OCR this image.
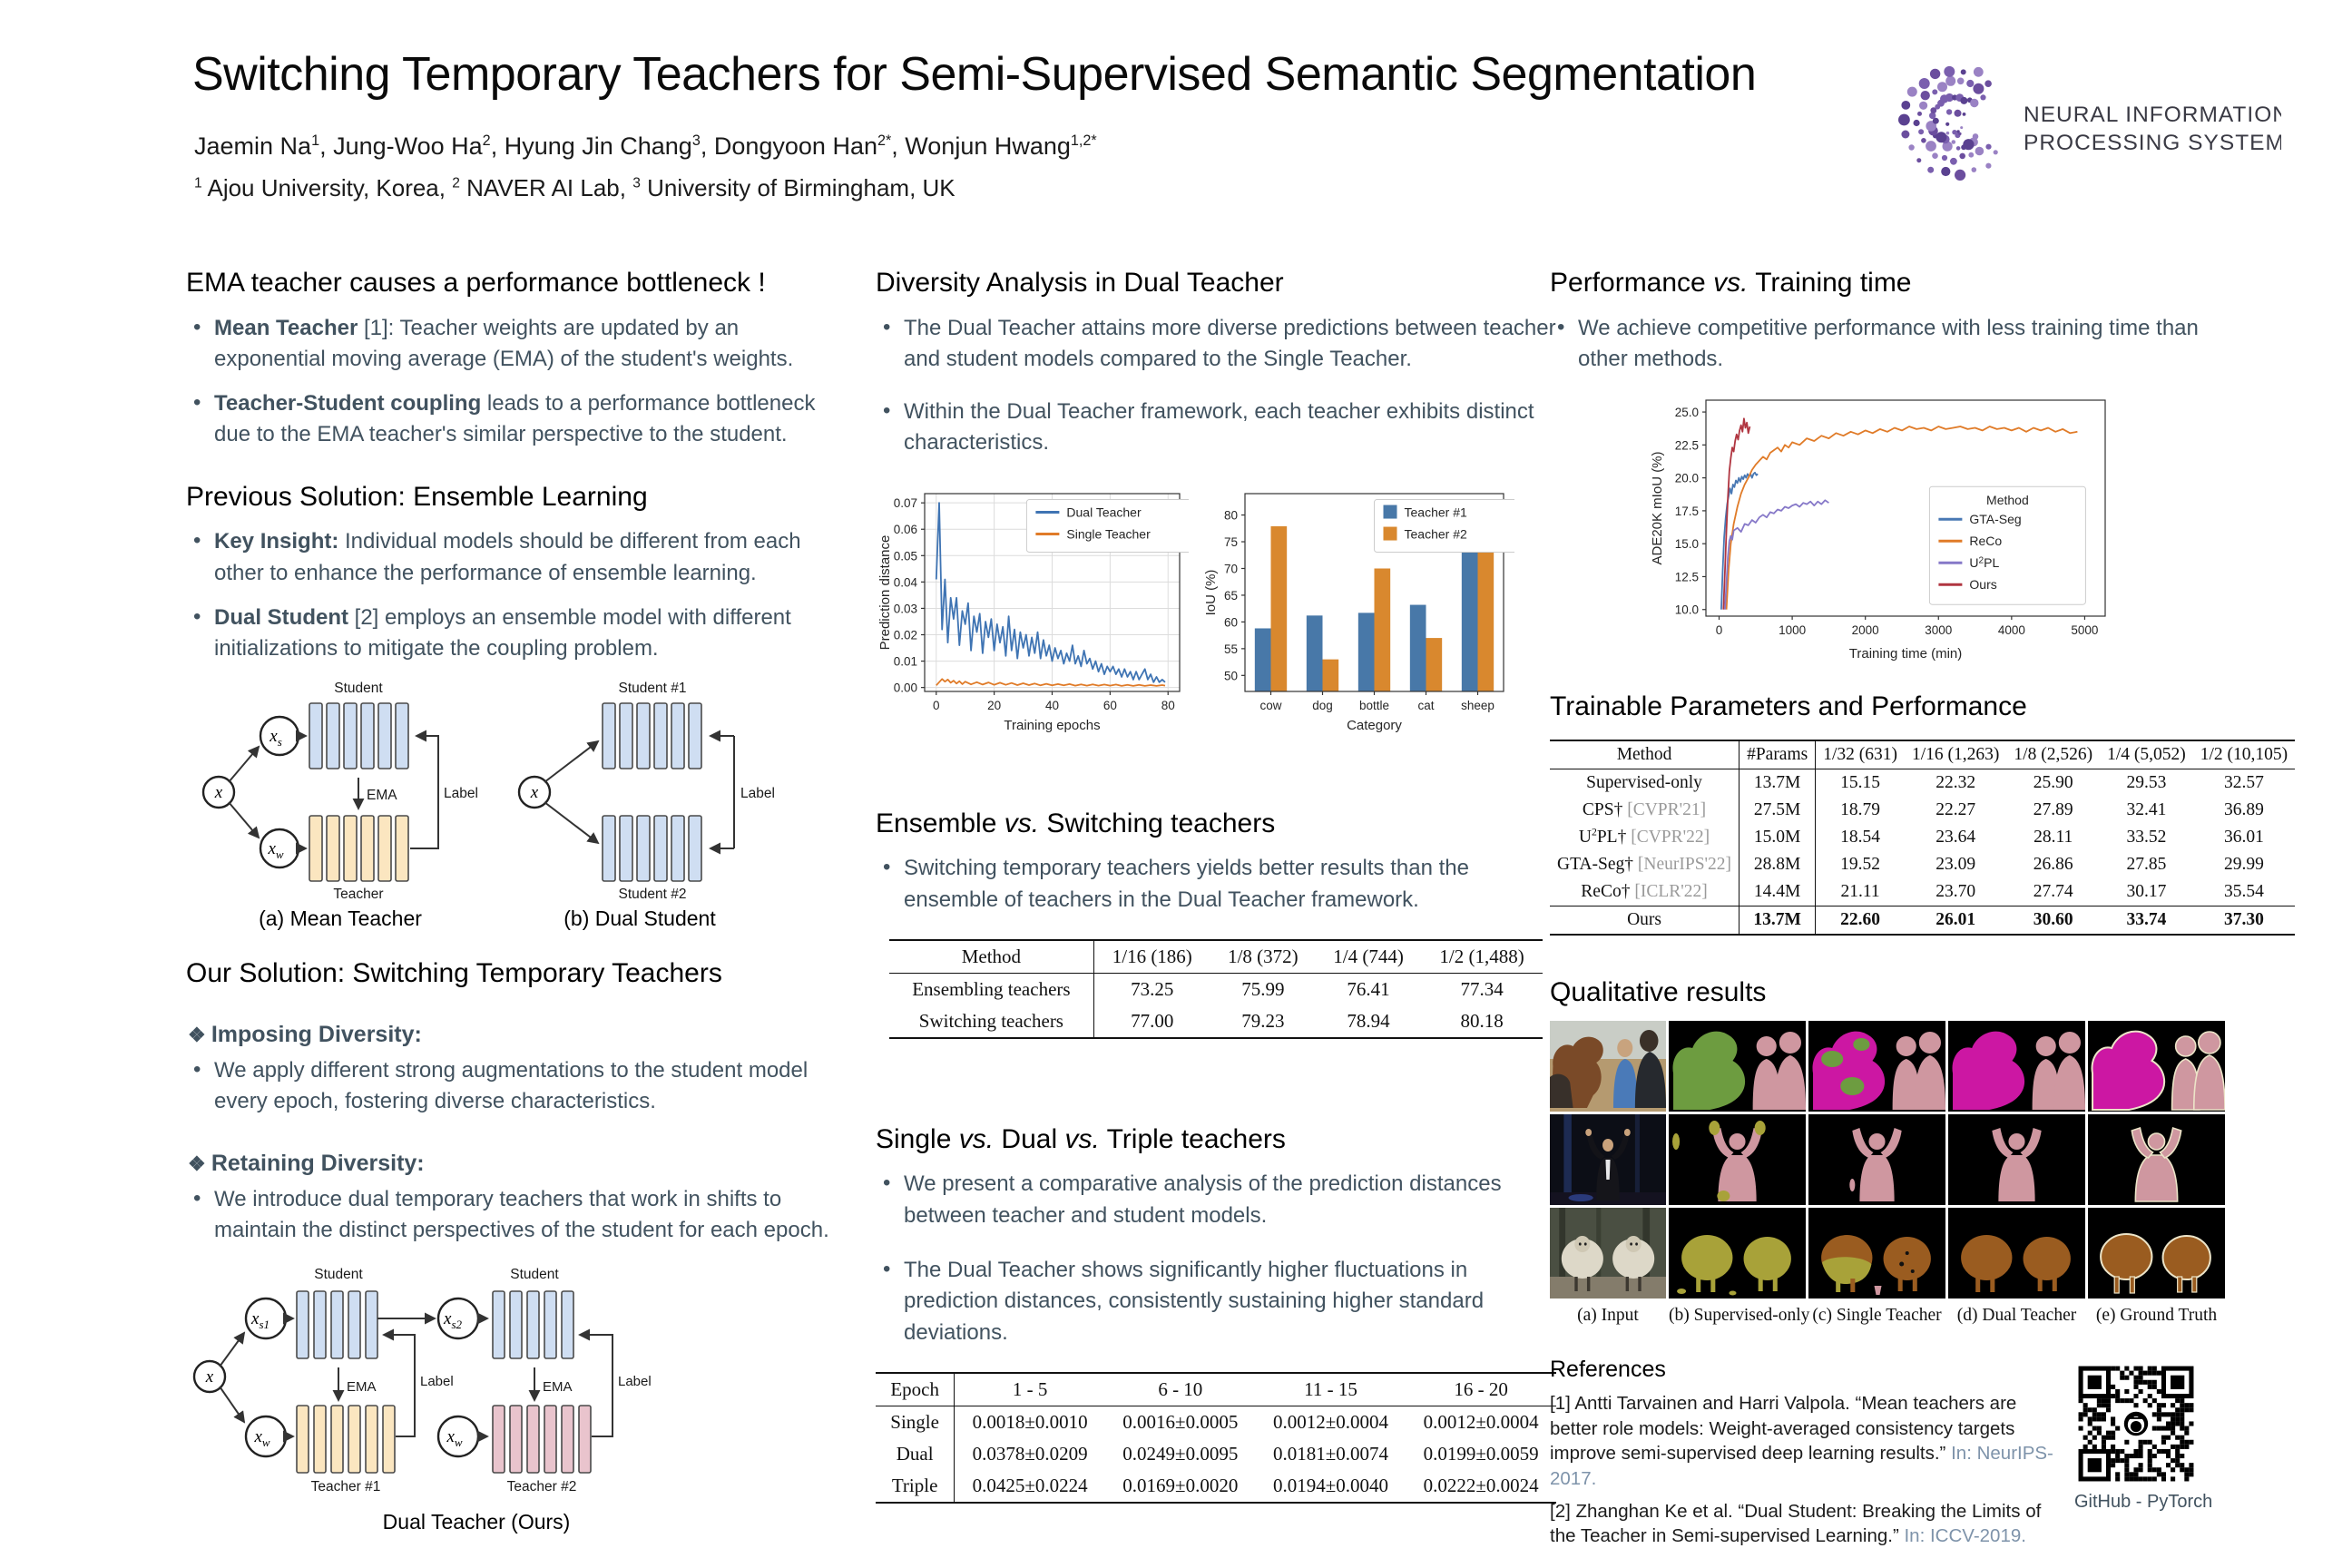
Switching Temporary Teachers for Semi-Supervised Semantic Segmentation
Jaemin Na$^1$, Jung-Woo Ha$^2$, Hyung Jin Chang$^3$, Dongyoon Han$^{2*}$, Wonjun Hwang$^{1,2*}$
$^1$ Ajou University, Korea, $^2$ NAVER AI Lab, $^3$ University of Birmingham, UK
NEURAL INFORMATION
PROCESSING SYSTEMS
EMA teacher causes a performance bottleneck !
• Mean Teacher [1]: Teacher weights are updated by an exponential moving average (EMA) of the student's weights.
• Teacher-Student coupling leads to a performance bottleneck due to the EMA teacher's similar perspective to the student.
Previous Solution: Ensemble Learning
• Key Insight: Individual models should be different from each other to enhance the performance of ensemble learning.
• Dual Student [2] employs an ensemble model with different initializations to mitigate the coupling problem.
Student
EMA
Teacher
x
$x_s$
$x_w$
Label
Student #1
Student #2
x	Label
(a) Mean Teacher	(b) Dual Student
Our Solution: Switching Temporary Teachers
❖ Imposing Diversity:
• We apply different strong augmentations to the student model every epoch, fostering diverse characteristics.
❖ Retaining Diversity:
• We introduce dual temporary teachers that work in shifts to maintain the distinct perspectives of the student for each epoch.
Student
EMA
Teacher #1
x
$x_{s1}$
$x_w$
Label
$x_{s2}$
$x_w$
Student
EMA
Teacher #2
Label
Dual Teacher (Ours)
Diversity Analysis in Dual Teacher
• The Dual Teacher attains more diverse predictions between teacher and student models compared to the Single Teacher.
• Within the Dual Teacher framework, each teacher exhibits distinct characteristics.
0	20	40	60	80
0.00
0.01
0.02
0.03
0.04
0.05
0.06
0.07
Training epochs
Prediction distance
Dual Teacher
Single Teacher
cow dog bottle cat sheep
50
55
60
65
70
75
80
Category
IoU (%)
Teacher #1
Teacher #2
Ensemble vs. Switching teachers
• Switching temporary teachers yields better results than the ensemble of teachers in the Dual Teacher framework.
Method	1/16 (186)	1/8 (372)	1/4 (744)	1/2 (1,488)
Ensembling teachers	73.25	75.99	76.41	77.34
Switching teachers	77.00	79.23	78.94	80.18
Single vs. Dual vs. Triple teachers
• We present a comparative analysis of the prediction distances between teacher and student models.
• The Dual Teacher shows significantly higher fluctuations in prediction distances, consistently sustaining higher standard deviations.
Epoch	1 - 5	6 - 10	11 - 15	16 - 20
Single	0.0018±0.0010	0.0016±0.0005	0.0012±0.0004	0.0012±0.0004
Dual	0.0378±0.0209	0.0249±0.0095	0.0181±0.0074	0.0199±0.0059
Triple	0.0425±0.0224	0.0169±0.0020	0.0194±0.0040	0.0222±0.0024
Performance vs. Training time
• We achieve competitive performance with less training time than other methods.
0	1000	2000	3000	4000	5000
10.0
12.5
15.0
17.5
20.0
22.5
25.0
Training time (min)
ADE20K mIoU (%)	Method
GTA-Seg
ReCo
$U^2PL$
Ours
Trainable Parameters and Performance
Method	#Params	1/32 (631)	1/16 (1,263)	1/8 (2,526)	1/4 (5,052)	1/2 (10,105)
Supervised-only	13.7M	15.15	22.32	25.90	29.53	32.57
CPS† [CVPR'21]	27.5M	18.79	22.27	27.89	32.41	36.89
$U^2PL\dagger$ [CVPR'22]	15.0M	18.54	23.64	28.11	33.52	36.01
GTA-Seg† [NeurIPS'22]	28.8M	19.52	23.09	26.86	27.85	29.99
ReCo† [ICLR'22]	14.4M	21.11	23.70	27.74	30.17	35.54
Ours	13.7M	22.60	26.01	30.60	33.74	37.30
Qualitative results
(a) Input	(b) Supervised-only (c) Single Teacher (d) Dual Teacher	(e) Ground Truth
References

[1] Antti Tarvainen and Harri Valpola. “Mean teachers are better role models: Weight-averaged consistency targets improve semi-supervised deep learning results.” In: NeurIPS-2017.

[2] Zhanghan Ke et al. “Dual Student: Breaking the Limits of the Teacher in Semi-supervised Learning.” In: ICCV-2019.

GitHub - PyTorch
